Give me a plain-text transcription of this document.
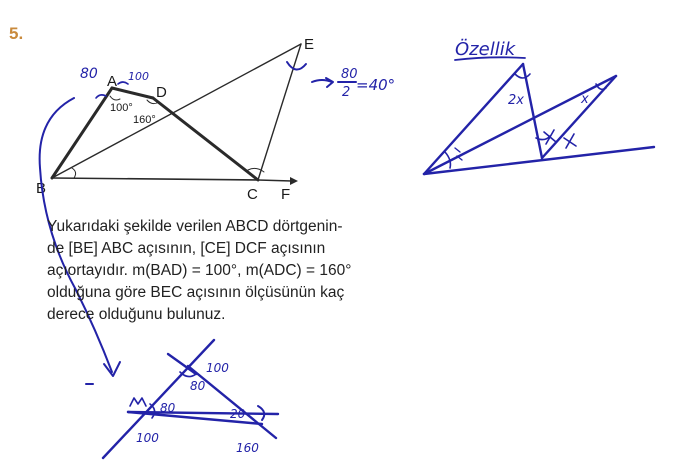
5.
A
B	C
D
E
F
100°
160°
80	100	80
2 =40°
Özellik
2x	x
100
80
80	20
100
160
Yukarıdaki şekilde verilen ABCD dörtgenin-
de [BE] ABC açısının, [CE] DCF açısının
açıortayıdır. m(BAD) = 100°, m(ADC) = 160°
olduğuna göre BEC açısının ölçüsünün kaç
derece olduğunu bulunuz.
